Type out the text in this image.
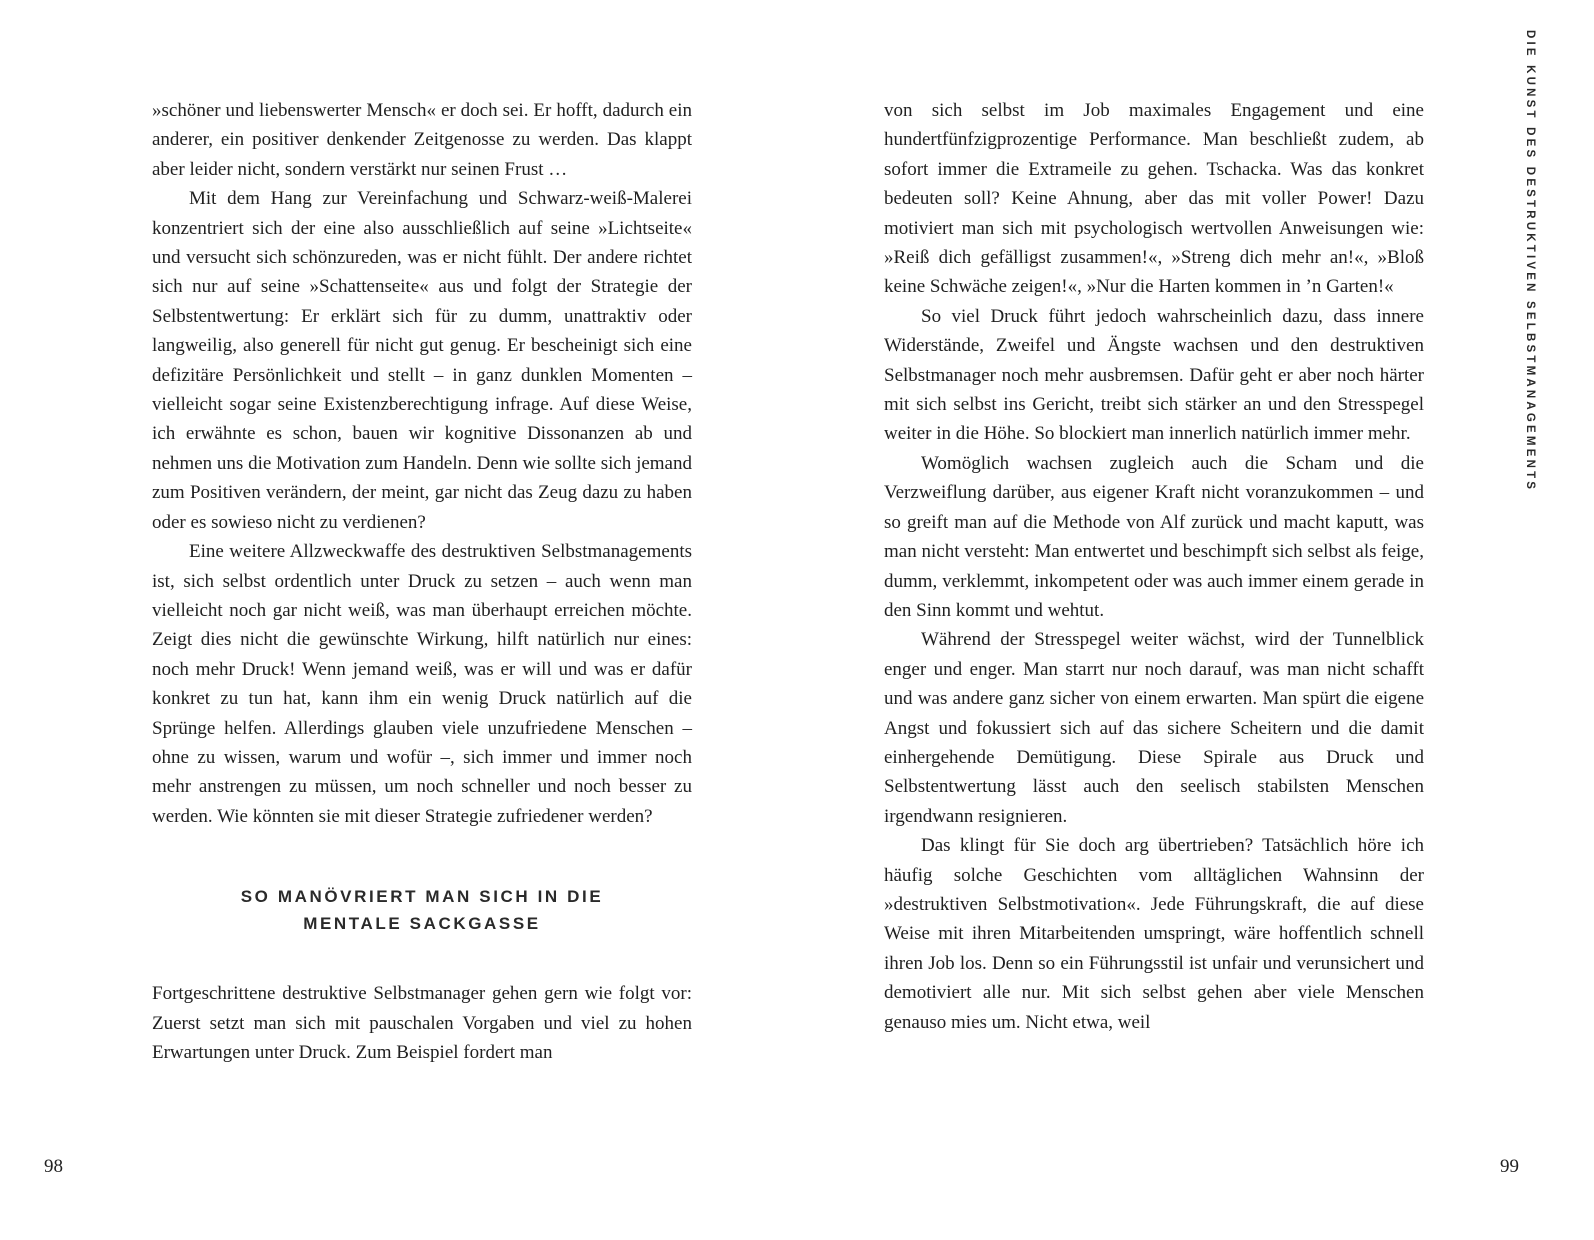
DIE KUNST DES DESTRUKTIVEN SELBSTMANAGEMENTS

»schöner und liebenswerter Mensch« er doch sei. Er hofft, dadurch ein anderer, ein positiver denkender Zeitgenosse zu werden. Das klappt aber leider nicht, sondern verstärkt nur seinen Frust …

Mit dem Hang zur Vereinfachung und Schwarz-weiß-Malerei konzentriert sich der eine also ausschließlich auf seine »Lichtseite« und versucht sich schönzureden, was er nicht fühlt. Der andere richtet sich nur auf seine »Schattenseite« aus und folgt der Strategie der Selbstentwertung: Er erklärt sich für zu dumm, unattraktiv oder langweilig, also generell für nicht gut genug. Er bescheinigt sich eine defizitäre Persönlichkeit und stellt – in ganz dunklen Momenten – vielleicht sogar seine Existenzberechtigung infrage. Auf diese Weise, ich erwähnte es schon, bauen wir kognitive Dissonanzen ab und nehmen uns die Motivation zum Handeln. Denn wie sollte sich jemand zum Positiven verändern, der meint, gar nicht das Zeug dazu zu haben oder es sowieso nicht zu verdienen?

Eine weitere Allzweckwaffe des destruktiven Selbstmanagements ist, sich selbst ordentlich unter Druck zu setzen – auch wenn man vielleicht noch gar nicht weiß, was man überhaupt erreichen möchte. Zeigt dies nicht die gewünschte Wirkung, hilft natürlich nur eines: noch mehr Druck! Wenn jemand weiß, was er will und was er dafür konkret zu tun hat, kann ihm ein wenig Druck natürlich auf die Sprünge helfen. Allerdings glauben viele unzufriedene Menschen – ohne zu wissen, warum und wofür –, sich immer und immer noch mehr anstrengen zu müssen, um noch schneller und noch besser zu werden. Wie könnten sie mit dieser Strategie zufriedener werden?

SO MANÖVRIERT MAN SICH IN DIE
MENTALE SACKGASSE

Fortgeschrittene destruktive Selbstmanager gehen gern wie folgt vor: Zuerst setzt man sich mit pauschalen Vorgaben und viel zu hohen Erwartungen unter Druck. Zum Beispiel fordert man

von sich selbst im Job maximales Engagement und eine hundertfünfzigprozentige Performance. Man beschließt zudem, ab sofort immer die Extrameile zu gehen. Tschacka. Was das konkret bedeuten soll? Keine Ahnung, aber das mit voller Power! Dazu motiviert man sich mit psychologisch wertvollen Anweisungen wie: »Reiß dich gefälligst zusammen!«, »Streng dich mehr an!«, »Bloß keine Schwäche zeigen!«, »Nur die Harten kommen in ’n Garten!«

So viel Druck führt jedoch wahrscheinlich dazu, dass innere Widerstände, Zweifel und Ängste wachsen und den destruktiven Selbstmanager noch mehr ausbremsen. Dafür geht er aber noch härter mit sich selbst ins Gericht, treibt sich stärker an und den Stresspegel weiter in die Höhe. So blockiert man innerlich natürlich immer mehr.

Womöglich wachsen zugleich auch die Scham und die Verzweiflung darüber, aus eigener Kraft nicht voranzukommen – und so greift man auf die Methode von Alf zurück und macht kaputt, was man nicht versteht: Man entwertet und beschimpft sich selbst als feige, dumm, verklemmt, inkompetent oder was auch immer einem gerade in den Sinn kommt und wehtut.

Während der Stresspegel weiter wächst, wird der Tunnelblick enger und enger. Man starrt nur noch darauf, was man nicht schafft und was andere ganz sicher von einem erwarten. Man spürt die eigene Angst und fokussiert sich auf das sichere Scheitern und die damit einhergehende Demütigung. Diese Spirale aus Druck und Selbstentwertung lässt auch den seelisch stabilsten Menschen irgendwann resignieren.

Das klingt für Sie doch arg übertrieben? Tatsächlich höre ich häufig solche Geschichten vom alltäglichen Wahnsinn der »destruktiven Selbstmotivation«. Jede Führungskraft, die auf diese Weise mit ihren Mitarbeitenden umspringt, wäre hoffentlich schnell ihren Job los. Denn so ein Führungsstil ist unfair und verunsichert und demotiviert alle nur. Mit sich selbst gehen aber viele Menschen genauso mies um. Nicht etwa, weil

98	99
